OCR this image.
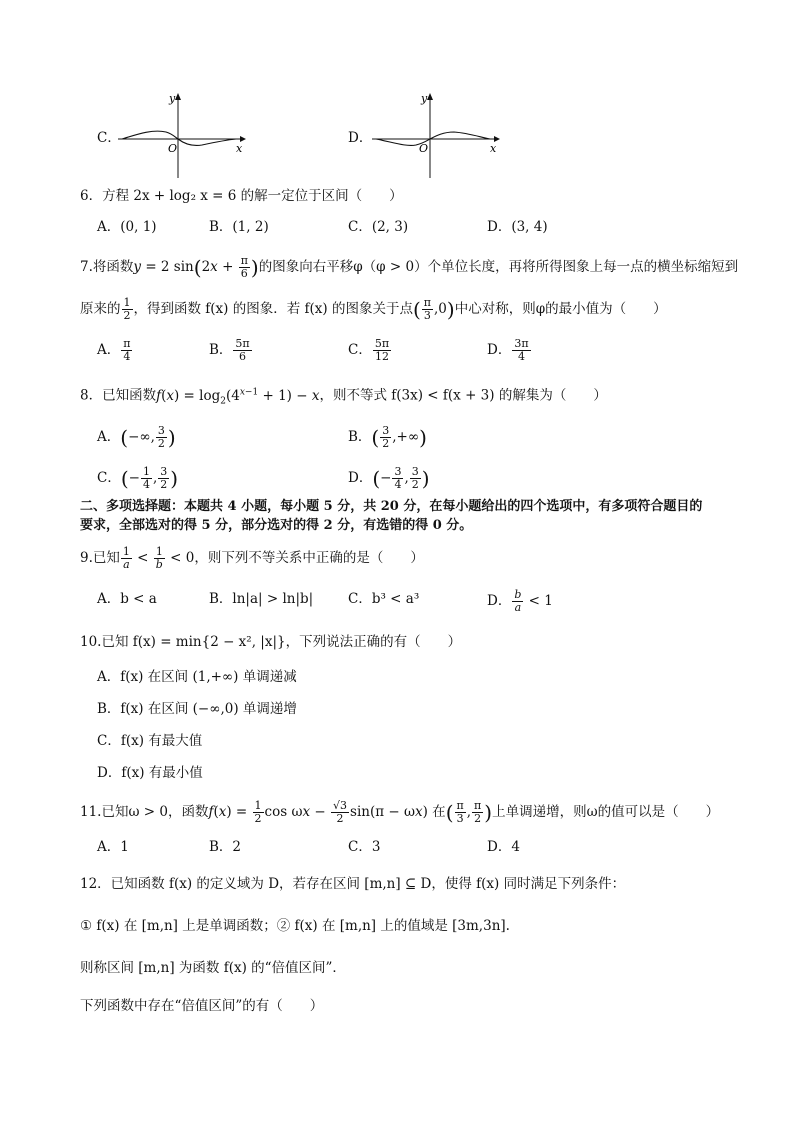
C．
y
x
O
D．
y
x
O
6．方程 2x + log₂ x = 6 的解一定位于区间（　　）
A．(0, 1)	B．(1, 2)	C．(2, 3)	D．(3, 4)
7.将函数y = 2 $\sin(2x + \frac{\pi}{6}$ )的图象向右平移φ（φ > 0）个单位长度，再将所得图象上每一点的横坐标缩短到
原来的 $\frac{1}{2}$ ，得到函数 f(x) 的图象．若 f(x) 的图象关于点( $\frac{\pi}{3} ,0$)中心对称，则φ的最小值为（　　）
A． $\frac{\pi}{4}$	B． $\frac{5\pi}{6}$	C． $\frac{5\pi}{12}$	D． $\frac{3\pi}{4}$
8．已知函数$f(x) = \log_2(4^{x-1} + 1) - x$，则不等式 f(3x) < f(x + 3) 的解集为（　　）
A．(−∞, $\frac{3}{2}$ )	B．( $\frac{3}{2}$ ,+∞)
C．(− $\frac{1}{4}$ , $\frac{3}{2}$ )	D．(− $\frac{3}{4}$ , $\frac{3}{2}$ )
二、多项选择题：本题共 4 小题，每小题 5 分，共 20 分，在每小题给出的四个选项中，有多项符合题目的
要求，全部选对的得 5 分，部分选对的得 2 分，有选错的得 0 分。
9.已知 $\frac{1}{a} < \frac{1}{b} < 0$，则下列不等关系中正确的是（　　）
A．b < a	B．ln|a| > ln|b|	C．b³ < a³	D． $\frac{b}{a} < 1$
10.已知 f(x) = min{2 − x², |x|}，下列说法正确的有（　　）
A．f(x) 在区间 (1,+∞) 单调递减
B．f(x) 在区间 (−∞,0) 单调递增
C．f(x) 有最大值
D．f(x) 有最小值
11.已知ω > 0，函数$f(x) = \frac{1}{2}$ $\cos \omega x - \frac{√3}{2} \sin(\pi - \omega x)$ 在( $\frac{\pi}{3}$ , $\frac{\pi}{2}$ )上单调递增，则ω的值可以是（　　）
A．1	B．2	C．3	D．4
12．已知函数 f(x) 的定义域为 D，若存在区间 [m,n] ⊆ D，使得 f(x) 同时满足下列条件：
① f(x) 在 [m,n] 上是单调函数；② f(x) 在 [m,n] 上的值域是 [3m,3n].
则称区间 [m,n] 为函数 f(x) 的“倍值区间”．
下列函数中存在“倍值区间”的有（　　）
